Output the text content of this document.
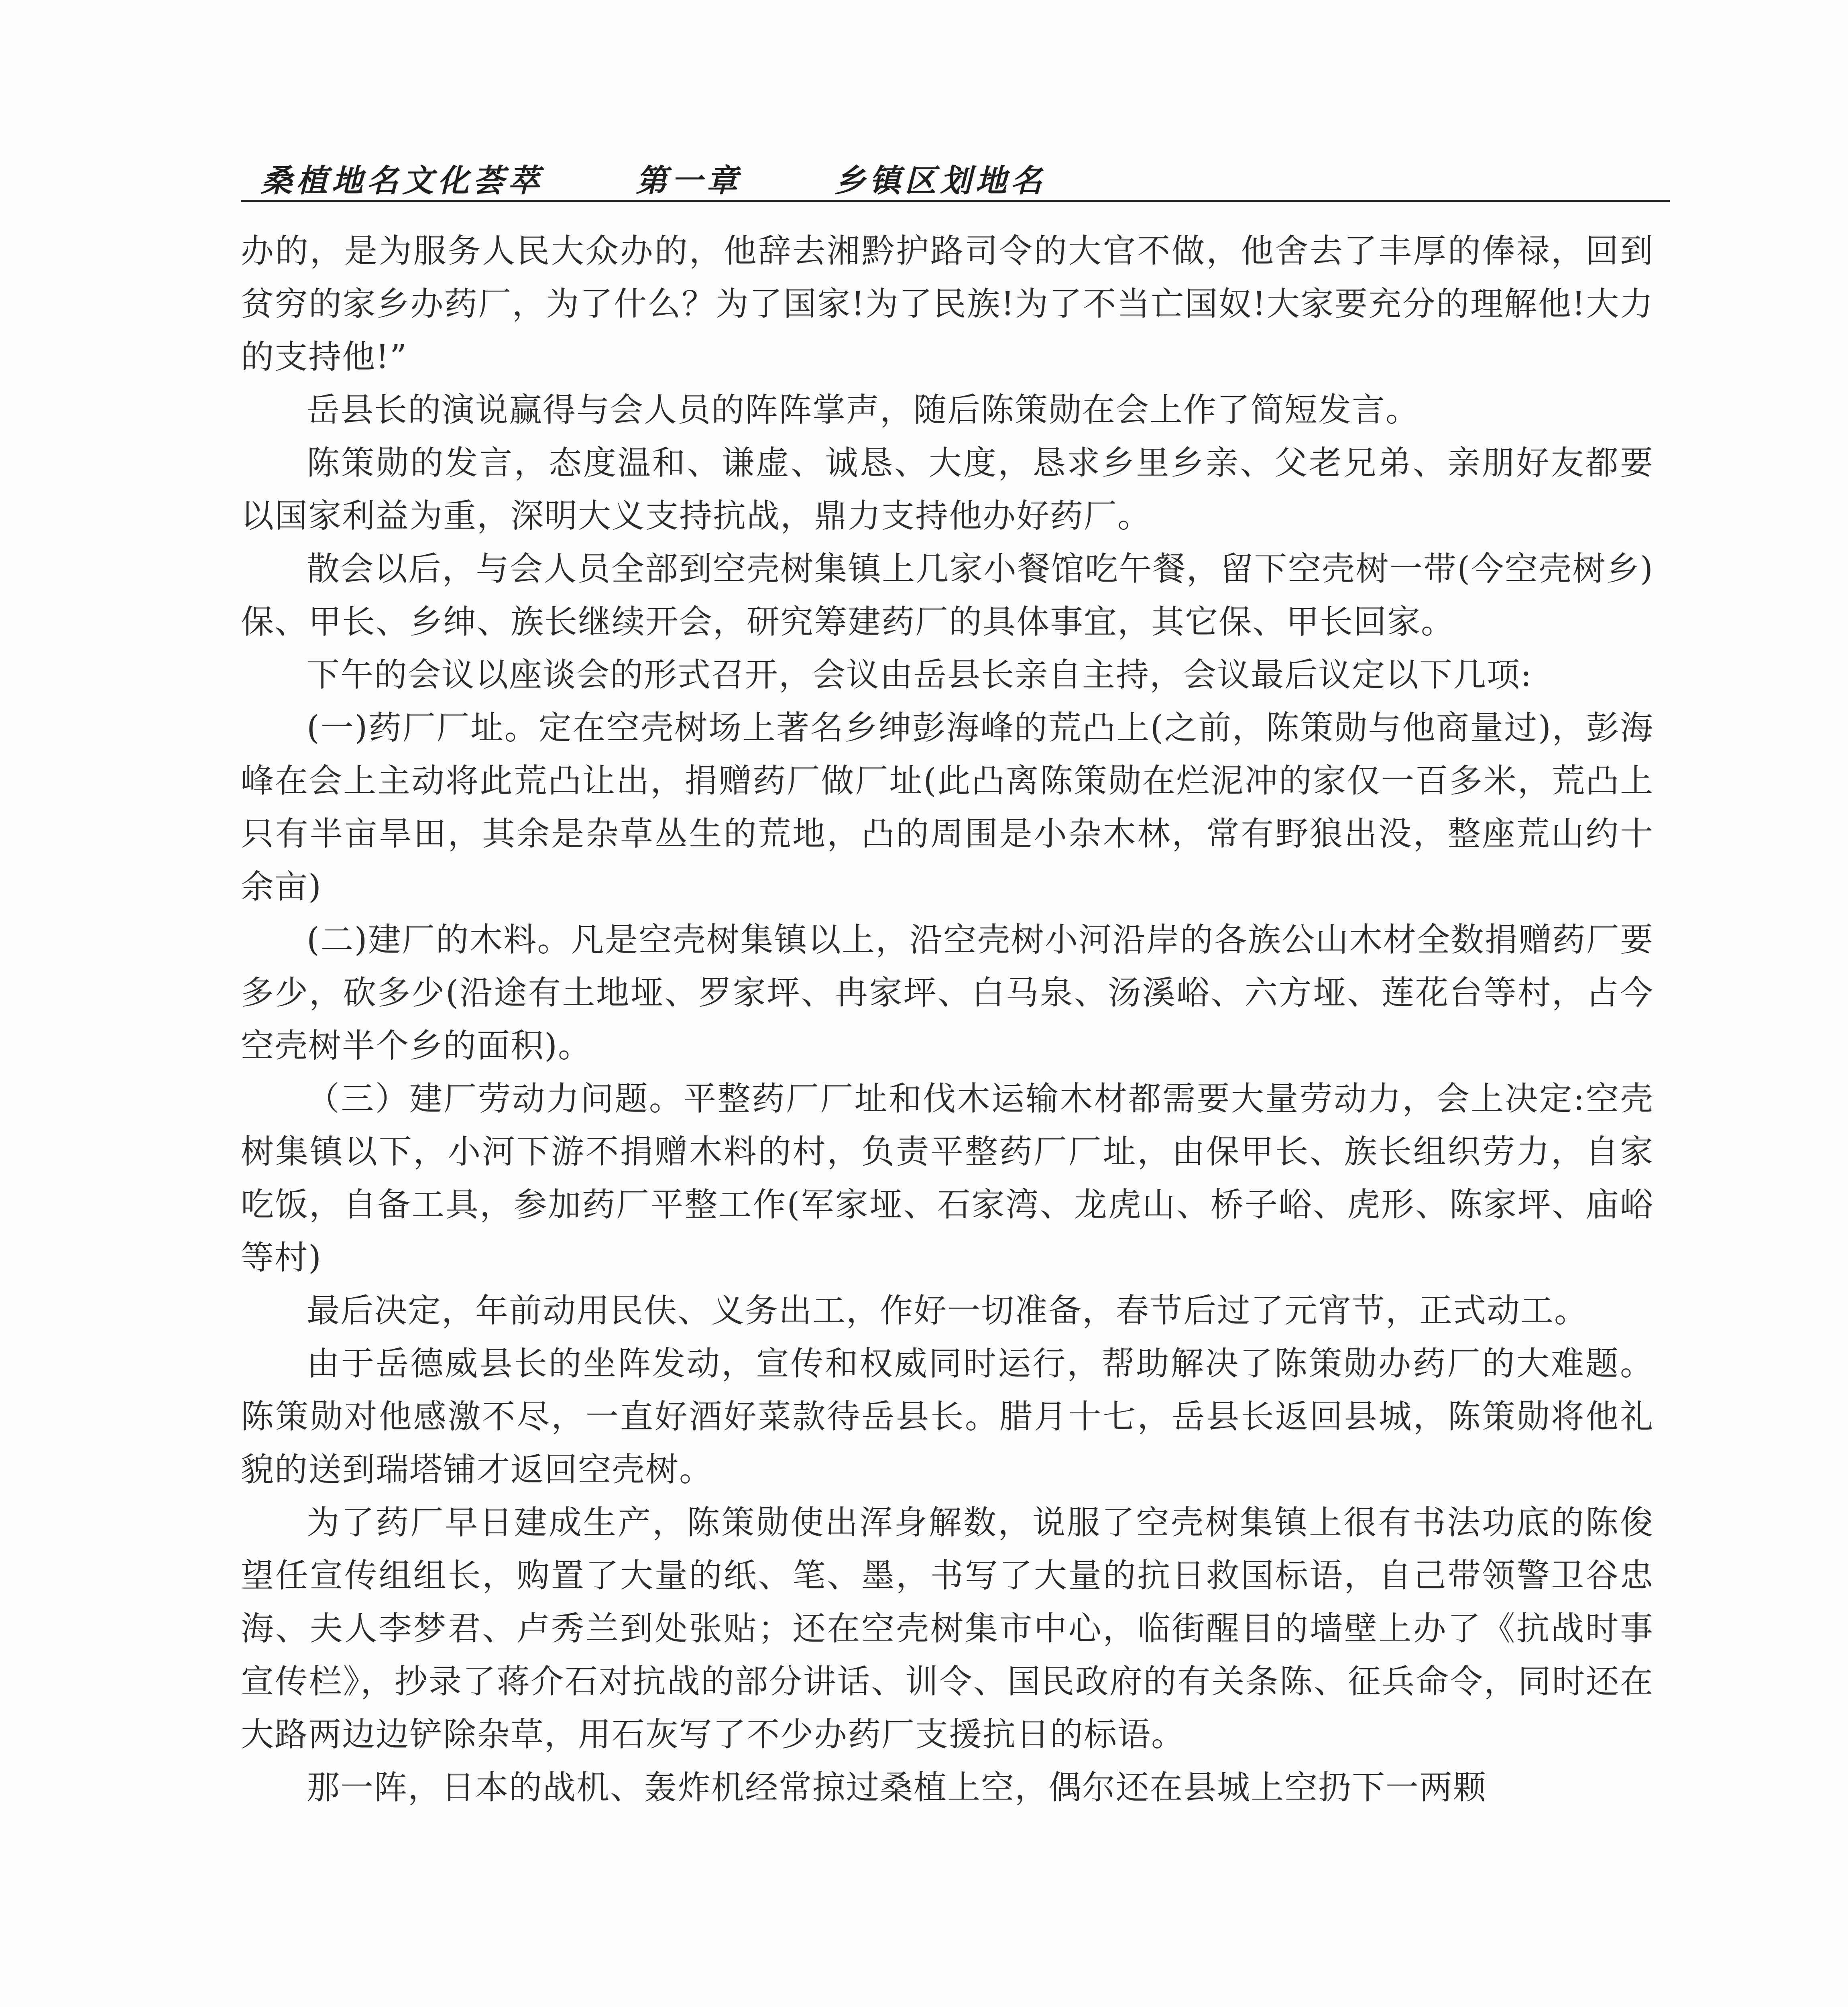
桑植地名文化荟萃	第一章	乡镇区划地名

办的，是为服务人民大众办的，他辞去湘黔护路司令的大官不做，他舍去了丰厚的俸禄，回到贫穷的家乡办药厂，为了什么？为了国家!为了民族!为了不当亡国奴!大家要充分的理解他!大力的支持他!”

岳县长的演说赢得与会人员的阵阵掌声，随后陈策勋在会上作了简短发言。

陈策勋的发言，态度温和、谦虚、诚恳、大度，恳求乡里乡亲、父老兄弟、亲朋好友都要以国家利益为重，深明大义支持抗战，鼎力支持他办好药厂。

散会以后，与会人员全部到空壳树集镇上几家小餐馆吃午餐，留下空壳树一带(今空壳树乡)保、甲长、乡绅、族长继续开会，研究筹建药厂的具体事宜，其它保、甲长回家。

下午的会议以座谈会的形式召开，会议由岳县长亲自主持，会议最后议定以下几项:

(一)药厂厂址。定在空壳树场上著名乡绅彭海峰的荒凸上(之前，陈策勋与他商量过)，彭海峰在会上主动将此荒凸让出，捐赠药厂做厂址(此凸离陈策勋在烂泥冲的家仅一百多米，荒凸上只有半亩旱田，其余是杂草丛生的荒地，凸的周围是小杂木林，常有野狼出没，整座荒山约十余亩)

(二)建厂的木料。凡是空壳树集镇以上，沿空壳树小河沿岸的各族公山木材全数捐赠药厂要多少，砍多少(沿途有土地垭、罗家坪、冉家坪、白马泉、汤溪峪、六方垭、莲花台等村，占今空壳树半个乡的面积)。

（三）建厂劳动力问题。平整药厂厂址和伐木运输木材都需要大量劳动力，会上决定:空壳树集镇以下，小河下游不捐赠木料的村，负责平整药厂厂址，由保甲长、族长组织劳力，自家吃饭，自备工具，参加药厂平整工作(军家垭、石家湾、龙虎山、桥子峪、虎形、陈家坪、庙峪等村)

最后决定，年前动用民伕、义务出工，作好一切准备，春节后过了元宵节，正式动工。

由于岳德威县长的坐阵发动，宣传和权威同时运行，帮助解决了陈策勋办药厂的大难题。陈策勋对他感激不尽，一直好酒好菜款待岳县长。腊月十七，岳县长返回县城，陈策勋将他礼貌的送到瑞塔铺才返回空壳树。

为了药厂早日建成生产，陈策勋使出浑身解数，说服了空壳树集镇上很有书法功底的陈俊望任宣传组组长，购置了大量的纸、笔、墨，书写了大量的抗日救国标语，自己带领警卫谷忠海、夫人李梦君、卢秀兰到处张贴；还在空壳树集市中心，临街醒目的墙壁上办了《抗战时事宣传栏》，抄录了蒋介石对抗战的部分讲话、训令、国民政府的有关条陈、征兵命令，同时还在大路两边边铲除杂草，用石灰写了不少办药厂支援抗日的标语。

那一阵，日本的战机、轰炸机经常掠过桑植上空，偶尔还在县城上空扔下一两颗
